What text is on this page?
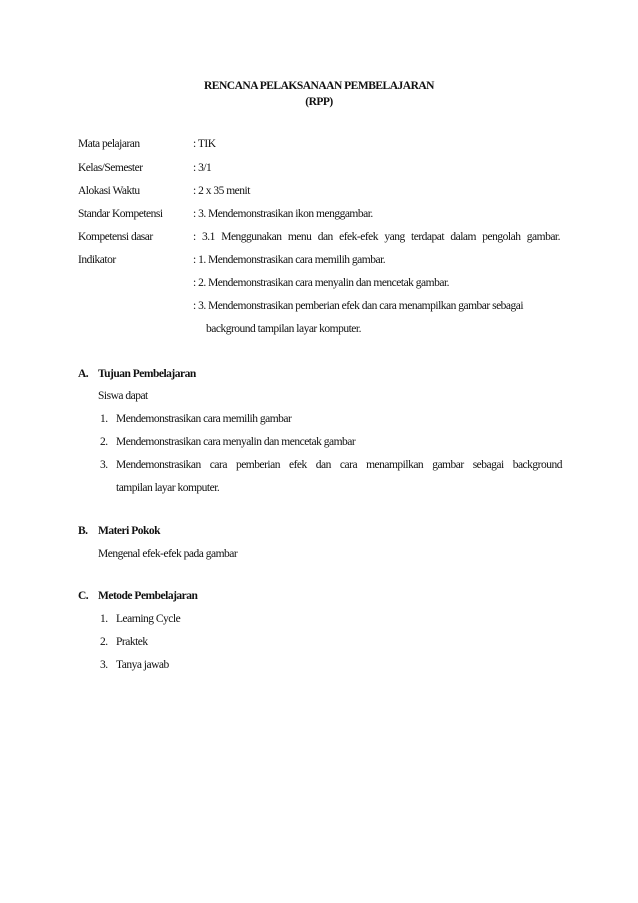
RENCANA PELAKSANAAN PEMBELAJARAN
(RPP)
Mata pelajaran	: TIK
Kelas/Semester	: 3/1
Alokasi Waktu	: 2 x 35 menit
Standar Kompetensi	: 3. Mendemonstrasikan ikon menggambar.
Kompetensi dasar	: 3.1 Menggunakan menu dan efek-efek yang terdapat dalam pengolah gambar.
Indikator	: 1. Mendemonstrasikan cara memilih gambar.
: 2. Mendemonstrasikan cara menyalin dan mencetak gambar.
: 3. Mendemonstrasikan pemberian efek dan cara menampilkan gambar sebagai
background tampilan layar komputer.
A. Tujuan Pembelajaran
Siswa dapat
1. Mendemonstrasikan cara memilih gambar
2. Mendemonstrasikan cara menyalin dan mencetak gambar
3. Mendemonstrasikan cara pemberian efek dan cara menampilkan gambar sebagai background
tampilan layar komputer.
B. Materi Pokok
Mengenal efek-efek pada gambar
C. Metode Pembelajaran
1. Learning Cycle
2. Praktek
3. Tanya jawab
